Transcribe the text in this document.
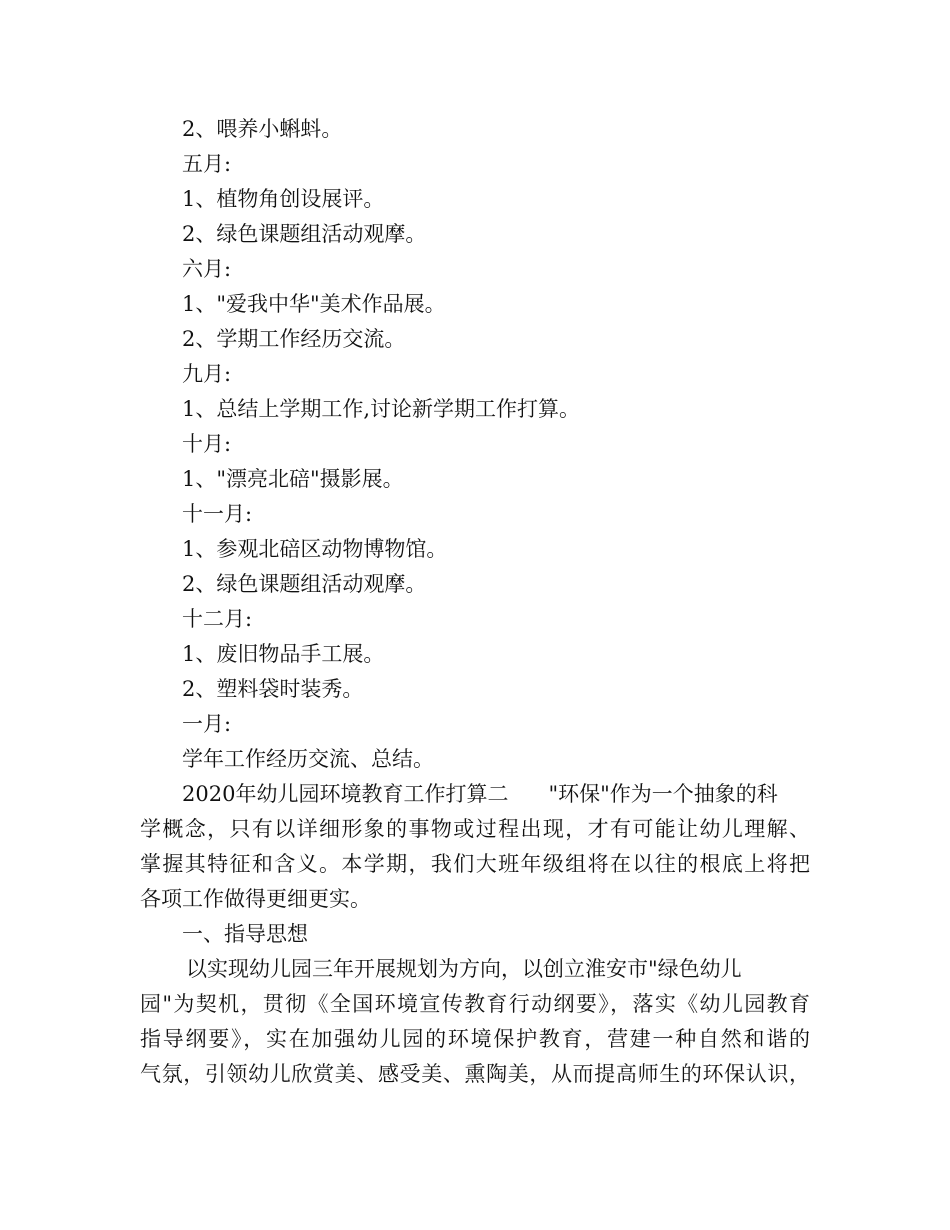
2、喂养小蝌蚪。
五月:
1、植物角创设展评。
2、绿色课题组活动观摩。
六月:
1、"爱我中华"美术作品展。
2、学期工作经历交流。
九月:
1、总结上学期工作,讨论新学期工作打算。
十月:
1、"漂亮北碚"摄影展。
十一月:
1、参观北碚区动物博物馆。
2、绿色课题组活动观摩。
十二月:
1、废旧物品手工展。
2、塑料袋时装秀。
一月:
学年工作经历交流、总结。
2020年幼儿园环境教育工作打算二 "环保"作为一个抽象的科
学概念，只有以详细形象的事物或过程出现，才有可能让幼儿理解、
掌握其特征和含义。本学期，我们大班年级组将在以往的根底上将把
各项工作做得更细更实。
一、指导思想
以实现幼儿园三年开展规划为方向，以创立淮安市"绿色幼儿
园"为契机，贯彻《全国环境宣传教育行动纲要》，落实《幼儿园教育
指导纲要》，实在加强幼儿园的环境保护教育，营建一种自然和谐的
气氛，引领幼儿欣赏美、感受美、熏陶美，从而提高师生的环保认识，
